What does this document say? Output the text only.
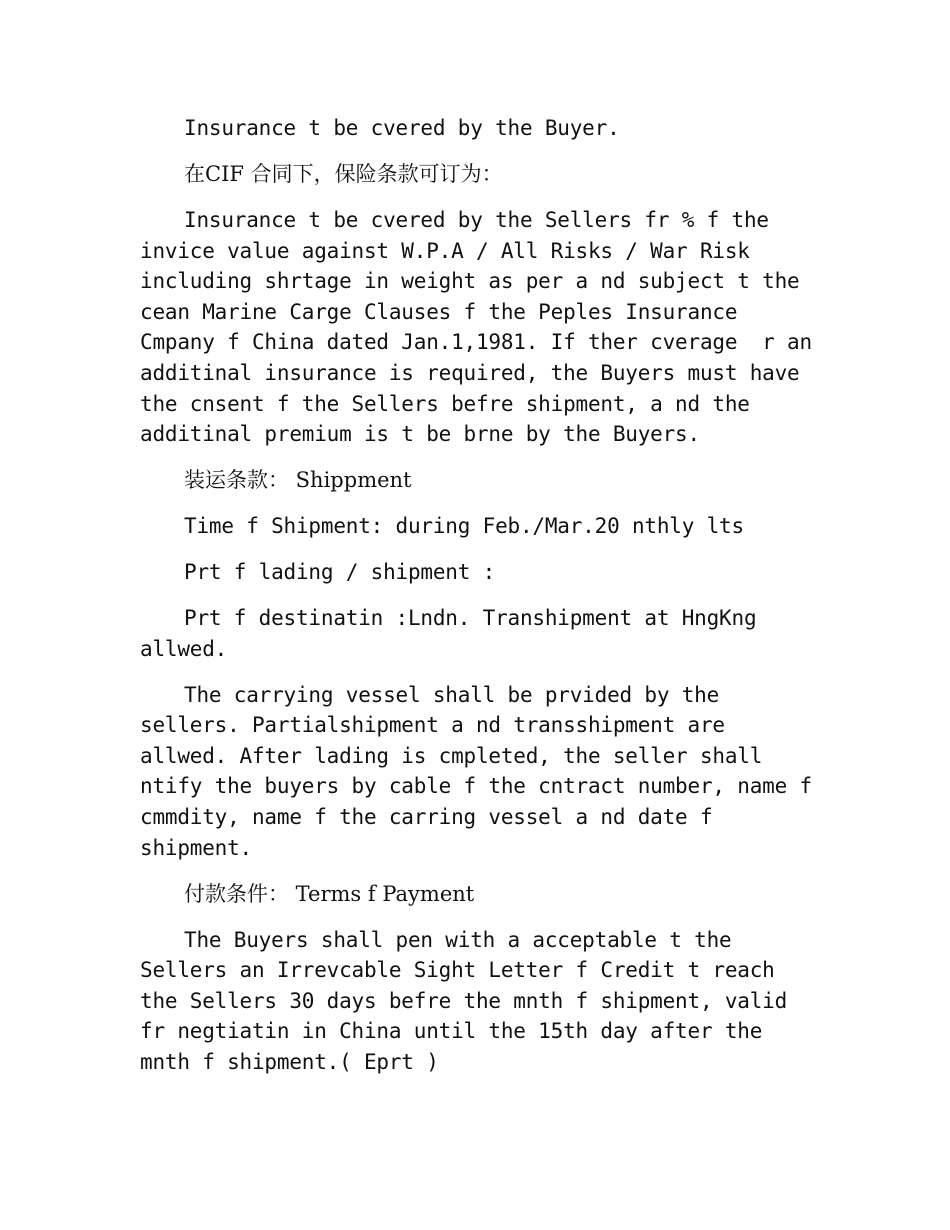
Insurance t be cvered by the Buyer.

在CIF 合同下，保险条款可订为：

Insurance t be cvered by the Sellers fr % f the
invice value against W.P.A / All Risks / War Risk
including shrtage in weight as per a nd subject t the
cean Marine Carge Clauses f the Peples Insurance
Cmpany f China dated Jan.1,1981. If ther cverage  r an
additinal insurance is required, the Buyers must have
the cnsent f the Sellers befre shipment, a nd the
additinal premium is t be brne by the Buyers.

装运条款： Shippment

Time f Shipment: during Feb./Mar.20 nthly lts

Prt f lading / shipment :

Prt f destinatin :Lndn. Transhipment at HngKng
allwed.
The carrying vessel shall be prvided by the
sellers. Partialshipment a nd transshipment are
allwed. After lading is cmpleted, the seller shall
ntify the buyers by cable f the cntract number, name f
cmmdity, name f the carring vessel a nd date f
shipment.

付款条件： Terms f Payment

The Buyers shall pen with a acceptable t the
Sellers an Irrevcable Sight Letter f Credit t reach
the Sellers 30 days befre the mnth f shipment, valid
fr negtiatin in China until the 15th day after the
mnth f shipment.( Eprt )
